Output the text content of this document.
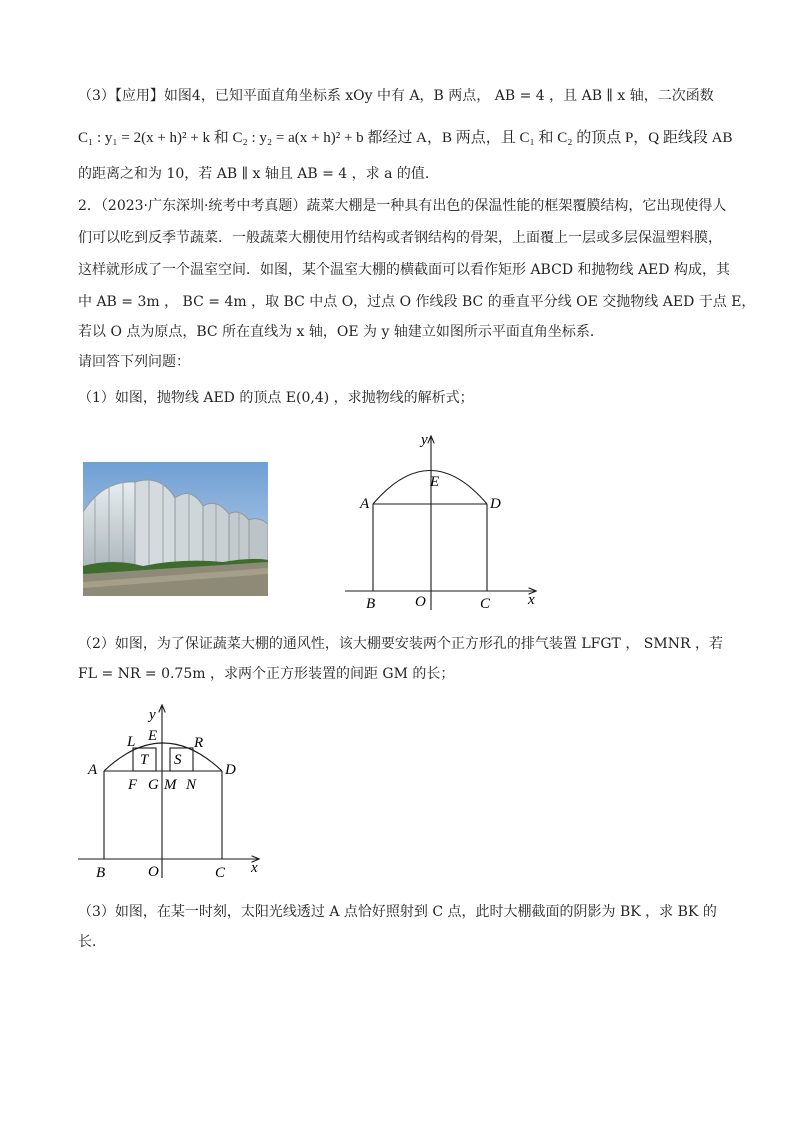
（3）【应用】如图4，已知平面直角坐标系 xOy 中有 A，B 两点， AB = 4 ，且 AB ∥ x 轴，二次函数
C₁ : y₁ = 2(x + h)² + k 和 C₂ : y₂ = a(x + h)² + b 都经过 A，B 两点，且 C₁ 和 C₂ 的顶点 P，Q 距线段 AB
的距离之和为 10，若 AB ∥ x 轴且 AB = 4 ，求 a 的值.
2．（2023·广东深圳·统考中考真题）蔬菜大棚是一种具有出色的保温性能的框架覆膜结构，它出现使得人
们可以吃到反季节蔬菜．一般蔬菜大棚使用竹结构或者钢结构的骨架，上面覆上一层或多层保温塑料膜，
这样就形成了一个温室空间．如图，某个温室大棚的横截面可以看作矩形 ABCD 和抛物线 AED 构成，其
中 AB = 3m ， BC = 4m ，取 BC 中点 O，过点 O 作线段 BC 的垂直平分线 OE 交抛物线 AED 于点 E，
若以 O 点为原点，BC 所在直线为 x 轴，OE 为 y 轴建立如图所示平面直角坐标系．
请回答下列问题：
（1）如图，抛物线 AED 的顶点 E(0,4) ，求抛物线的解析式；
y
x
A	D
E
B	O	C
（2）如图，为了保证蔬菜大棚的通风性，该大棚要安装两个正方形孔的排气装置 LFGT ， SMNR ，若
FL = NR = 0.75m ，求两个正方形装置的间距 GM 的长；
y
x
A	D
E
L	R
T S
F G M N
B	O	C
（3）如图，在某一时刻，太阳光线透过 A 点恰好照射到 C 点，此时大棚截面的阴影为 BK ，求 BK 的
长．
